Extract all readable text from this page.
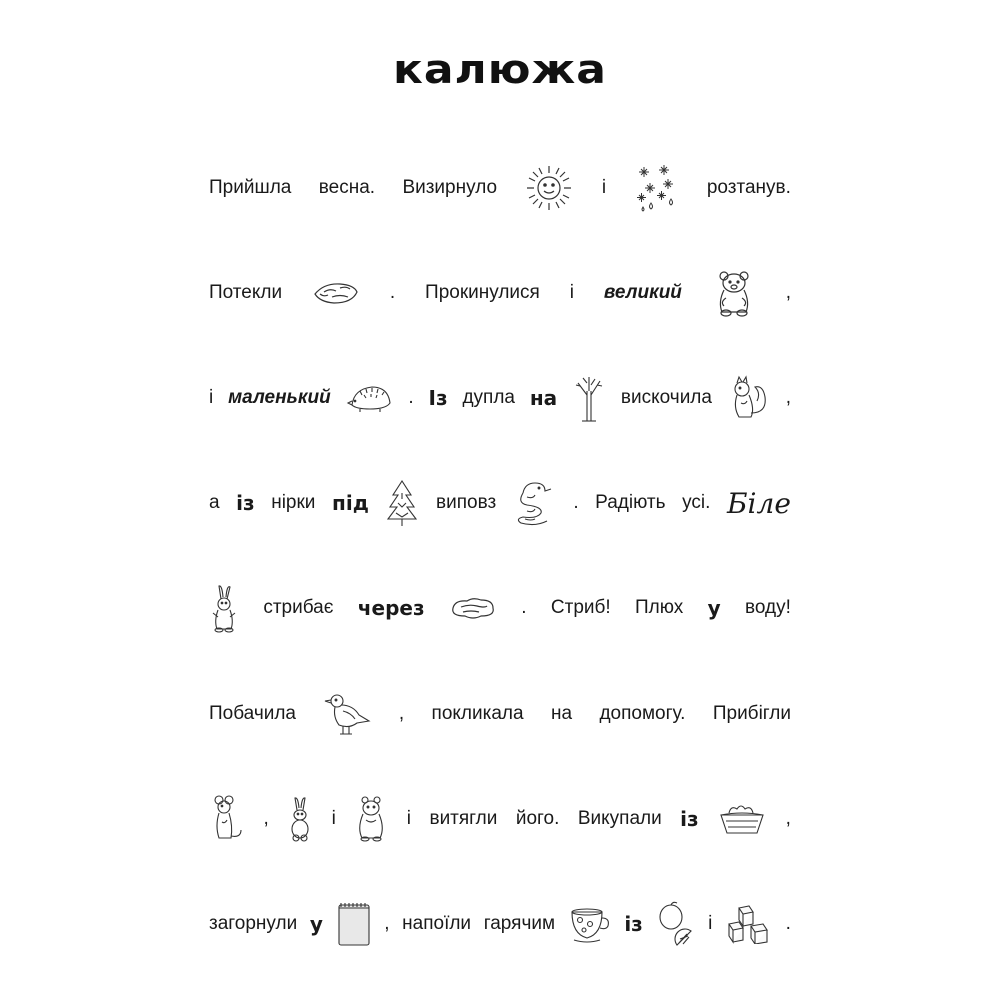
калюжа
Прийшла весна. Визирнуло	і	розтанув.
Потекли	. Прокинулися і великий	,
і маленький	. Із дупла на	вискочила	,
а із нірки під	виповз	. Радіють усі. Біле
стрибає через	. Стриб! Плюх у воду!
Побачила	, покликала на допомогу. Прибігли
,	і	і витягли його. Викупали із	,
загорнули у	, напоїли гарячим	із	і	.
